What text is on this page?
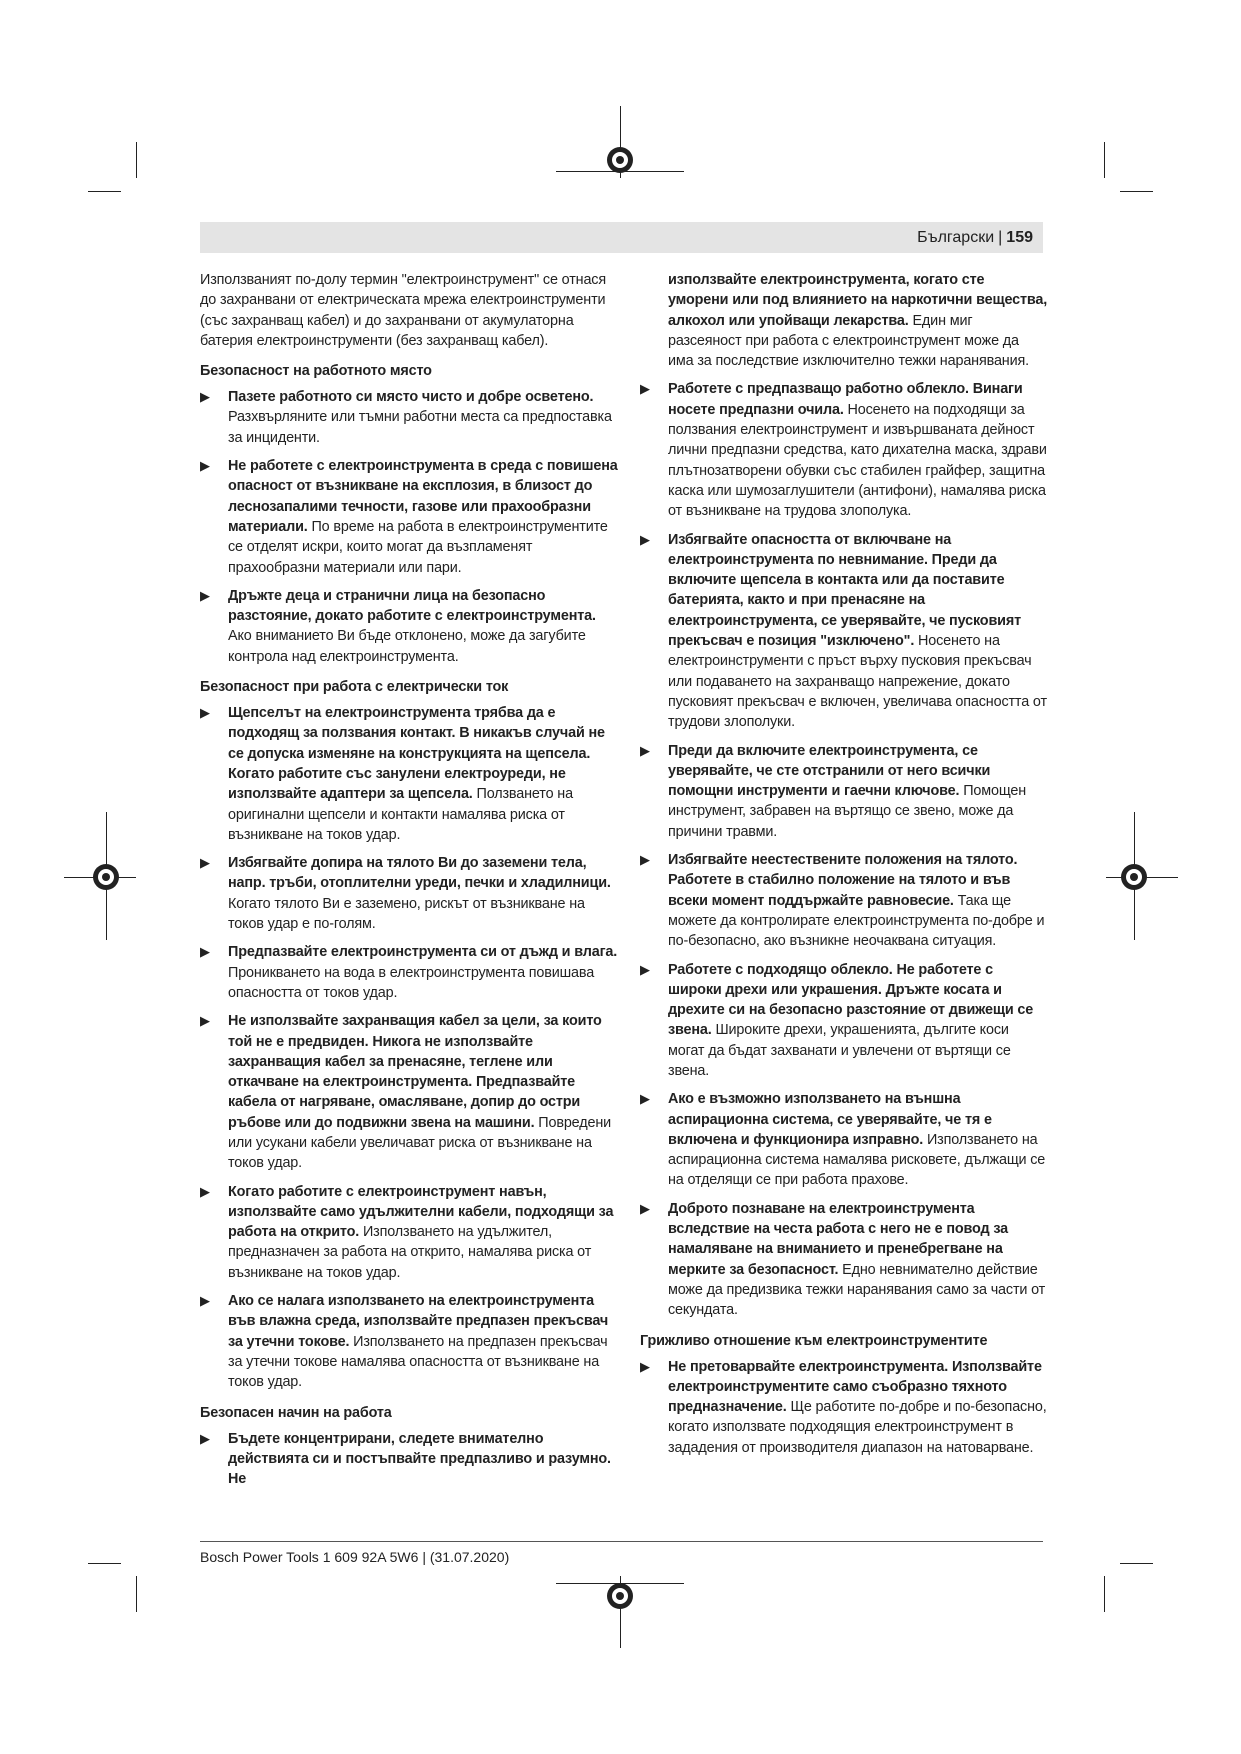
Български | 159

Използваният по-долу термин "електроинструмент" се отнася до захранвани от електрическата мрежа електроинструменти (със захранващ кабел) и до захранвани от акумулаторна батерия електроинструменти (без захранващ кабел).

Безопасност на работното място
▶ Пазете работното си място чисто и добре осветено. Разхвърляните или тъмни работни места са предпоставка за инциденти.
▶ Не работете с електроинструмента в среда с повишена опасност от възникване на експлозия, в близост до леснозапалими течности, газове или прахообразни материали. По време на работа в електроинструментите се отделят искри, които могат да възпламенят прахообразни материали или пари.
▶ Дръжте деца и странични лица на безопасно разстояние, докато работите с електроинструмента. Ако вниманието Ви бъде отклонено, може да загубите контрола над електроинструмента.
Безопасност при работа с електрически ток
▶ Щепселът на електроинструмента трябва да е подходящ за ползвания контакт. В никакъв случай не се допуска изменяне на конструкцията на щепсела. Когато работите със занулени електроуреди, не използвайте адаптери за щепсела. Ползването на оригинални щепсели и контакти намалява риска от възникване на токов удар.
▶ Избягвайте допира на тялото Ви до заземени тела, напр. тръби, отоплителни уреди, печки и хладилници. Когато тялото Ви е заземено, рискът от възникване на токов удар е по-голям.
▶ Предпазвайте електроинструмента си от дъжд и влага. Проникването на вода в електроинструмента повишава опасността от токов удар.
▶ Не използвайте захранващия кабел за цели, за които той не е предвиден. Никога не използвайте захранващия кабел за пренасяне, теглене или откачване на електроинструмента. Предпазвайте кабела от нагряване, омасляване, допир до остри ръбове или до подвижни звена на машини. Повредени или усукани кабели увеличават риска от възникване на токов удар.
▶ Когато работите с електроинструмент навън, използвайте само удължителни кабели, подходящи за работа на открито. Използването на удължител, предназначен за работа на открито, намалява риска от възникване на токов удар.
▶ Ако се налага използването на електроинструмента във влажна среда, използвайте предпазен прекъсвач за утечни токове. Използването на предпазен прекъсвач за утечни токове намалява опасността от възникване на токов удар.
Безопасен начин на работа
▶ Бъдете концентрирани, следете внимателно действията си и постъпвайте предпазливо и разумно. Не
използвайте електроинструмента, когато сте уморени или под влиянието на наркотични вещества, алкохол или упойващи лекарства. Един миг разсеяност при работа с електроинструмент може да има за последствие изключително тежки наранявания.
▶ Работете с предпазващо работно облекло. Винаги носете предпазни очила. Носенето на подходящи за ползвания електроинструмент и извършваната дейност лични предпазни средства, като дихателна маска, здрави плътнозатворени обувки със стабилен грайфер, защитна каска или шумозаглушители (антифони), намалява риска от възникване на трудова злополука.
▶ Избягвайте опасността от включване на електроинструмента по невнимание. Преди да включите щепсела в контакта или да поставите батерията, както и при пренасяне на електроинструмента, се уверявайте, че пусковият прекъсвач е позиция "изключено". Носенето на електроинструменти с пръст върху пусковия прекъсвач или подаването на захранващо напрежение, докато пусковият прекъсвач е включен, увеличава опасността от трудови злополуки.
▶ Преди да включите електроинструмента, се уверявайте, че сте отстранили от него всички помощни инструменти и гаечни ключове. Помощен инструмент, забравен на въртящо се звено, може да причини травми.
▶ Избягвайте неестествените положения на тялото. Работете в стабилно положение на тялото и във всеки момент поддържайте равновесие. Така ще можете да контролирате електроинструмента по-добре и по-безопасно, ако възникне неочаквана ситуация.
▶ Работете с подходящо облекло. Не работете с широки дрехи или украшения. Дръжте косата и дрехите си на безопасно разстояние от движещи се звена. Широките дрехи, украшенията, дългите коси могат да бъдат захванати и увлечени от въртящи се звена.
▶ Ако е възможно използването на външна аспирационна система, се уверявайте, че тя е включена и функционира изправно. Използването на аспирационна система намалява рисковете, дължащи се на отделящи се при работа прахове.
▶ Доброто познаване на електроинструмента вследствие на честа работа с него не е повод за намаляване на вниманието и пренебрегване на мерките за безопасност. Едно невнимателно действие може да предизвика тежки наранявания само за части от секундата.
Грижливо отношение към електроинструментите
▶ Не претоварвайте електроинструмента. Използвайте електроинструментите само съобразно тяхното предназначение. Ще работите по-добре и по-безопасно, когато използвате подходящия електроинструмент в зададения от производителя диапазон на натоварване.
Bosch Power Tools 1 609 92A 5W6 | (31.07.2020)
